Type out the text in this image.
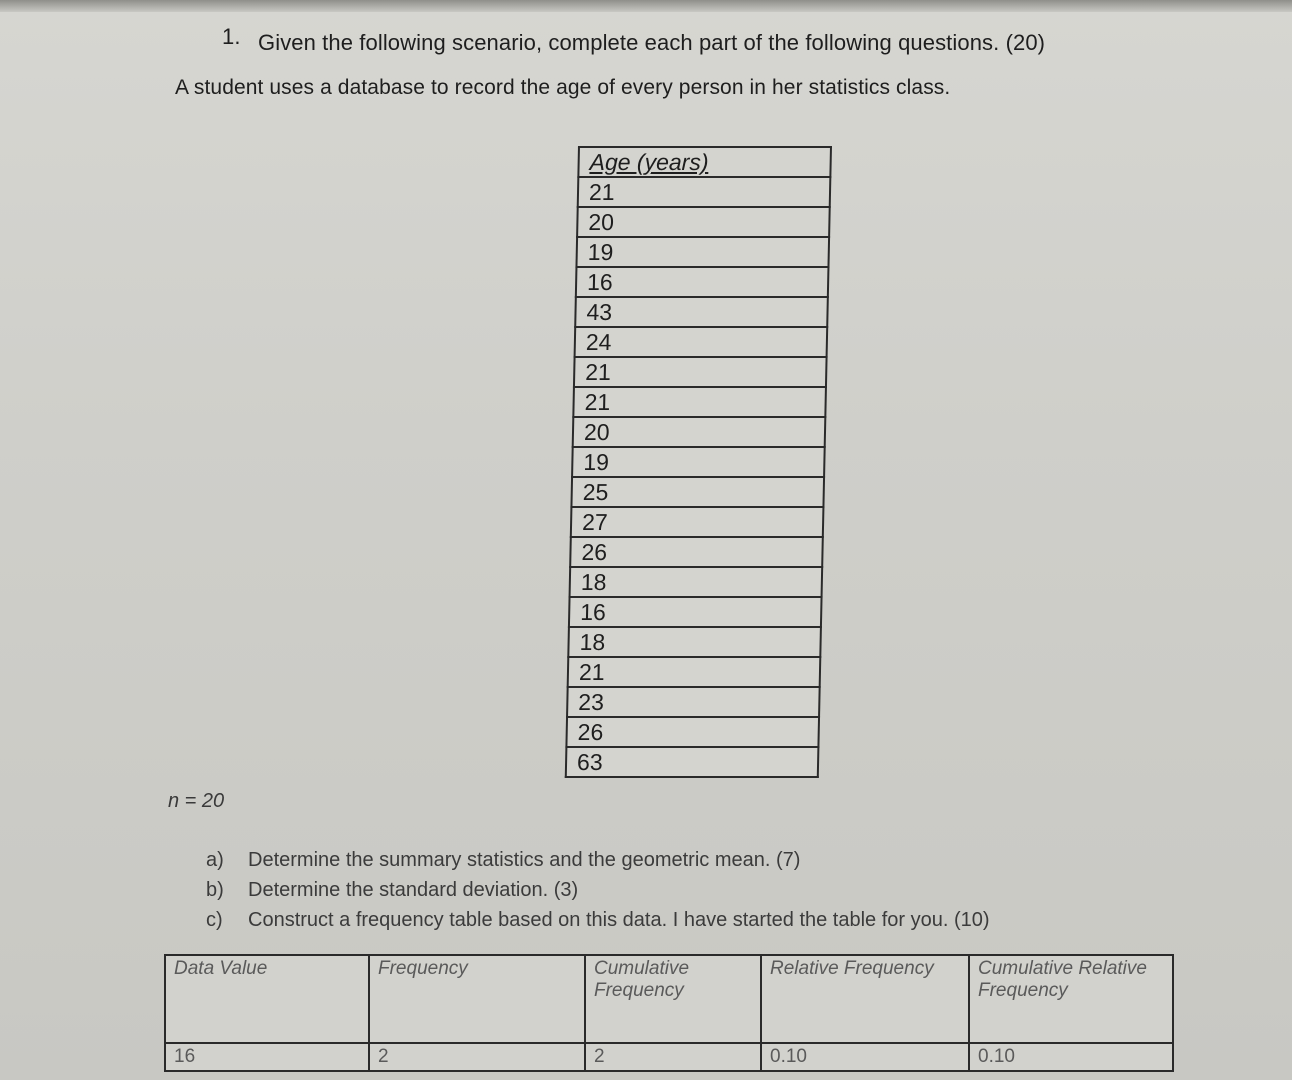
1. Given the following scenario, complete each part of the following questions. (20)
A student uses a database to record the age of every person in her statistics class.
Age (years)
21
20
19
16
43
24
21
21
20
19
25
27
26
18
16
18
21
23
26
63
n = 20
a) Determine the summary statistics and the geometric mean. (7)
b) Determine the standard deviation. (3)
c) Construct a frequency table based on this data. I have started the table for you. (10)
Data Value	Frequency	Cumulative Frequency	Relative Frequency	Cumulative Relative Frequency
16	2	2	0.10	0.10
